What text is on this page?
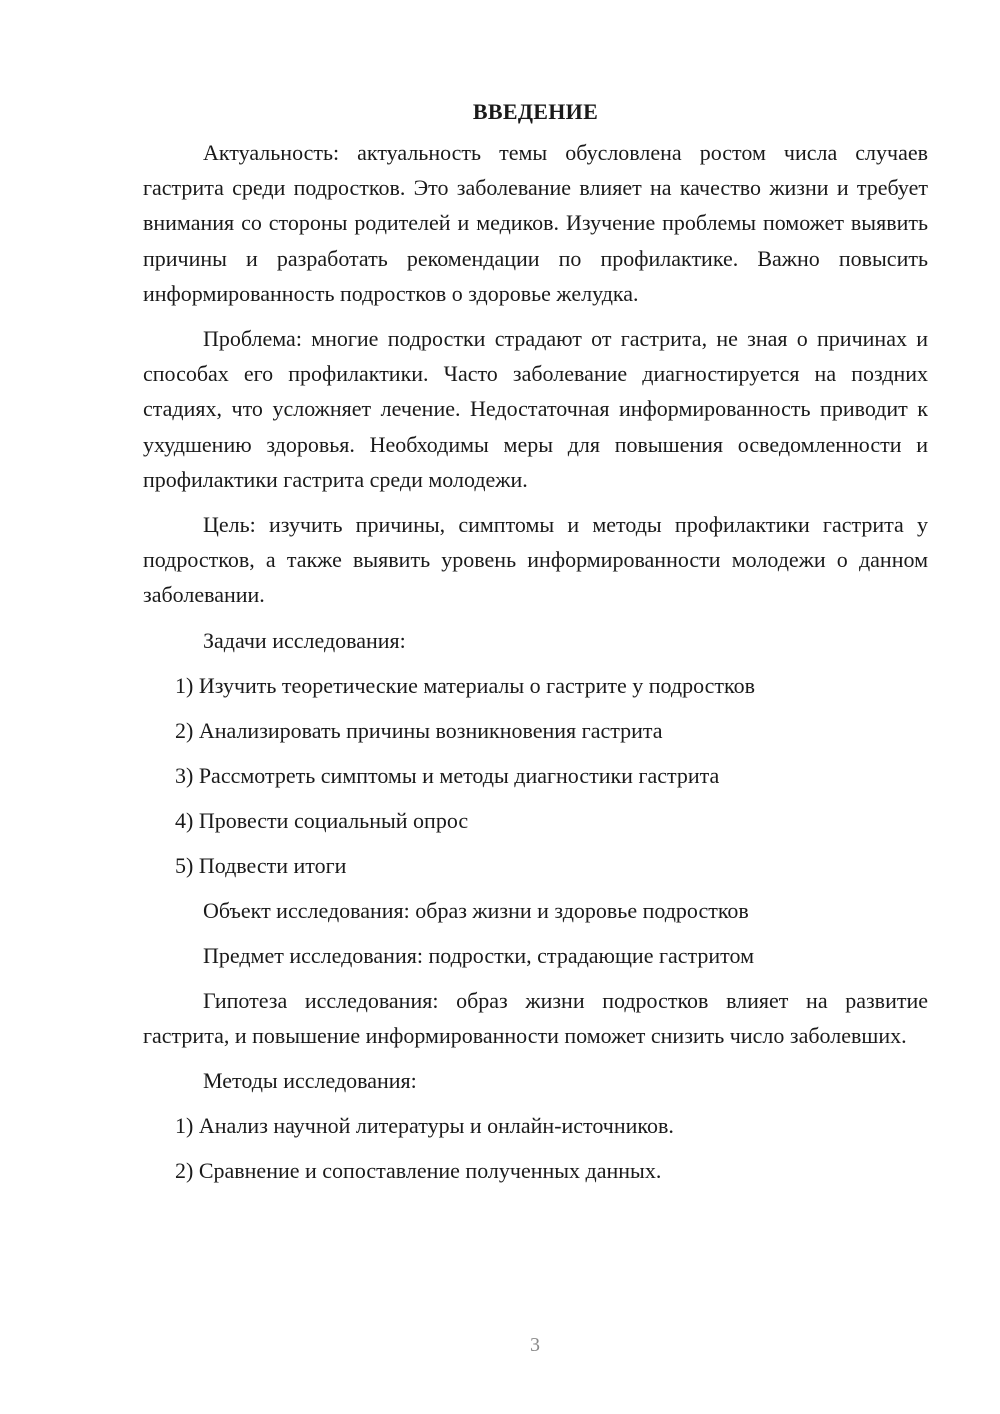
ВВЕДЕНИЕ

Актуальность: актуальность темы обусловлена ростом числа случаев гастрита среди подростков. Это заболевание влияет на качество жизни и требует внимания со стороны родителей и медиков. Изучение проблемы поможет выявить причины и разработать рекомендации по профилактике. Важно повысить информированность подростков о здоровье желудка.

Проблема: многие подростки страдают от гастрита, не зная о причинах и способах его профилактики. Часто заболевание диагностируется на поздних стадиях, что усложняет лечение. Недостаточная информированность приводит к ухудшению здоровья. Необходимы меры для повышения осведомленности и профилактики гастрита среди молодежи.

Цель: изучить причины, симптомы и методы профилактики гастрита у подростков, а также выявить уровень информированности молодежи о данном заболевании.

Задачи исследования:
1) Изучить теоретические материалы о гастрите у подростков
2) Анализировать причины возникновения гастрита
3) Рассмотреть симптомы и методы диагностики гастрита
4) Провести социальный опрос
5) Подвести итоги
Объект исследования: образ жизни и здоровье подростков
Предмет исследования: подростки, страдающие гастритом

Гипотеза исследования: образ жизни подростков влияет на развитие гастрита, и повышение информированности поможет снизить число заболевших.

Методы исследования:
1) Анализ научной литературы и онлайн-источников.
2) Сравнение и сопоставление полученных данных.
3
